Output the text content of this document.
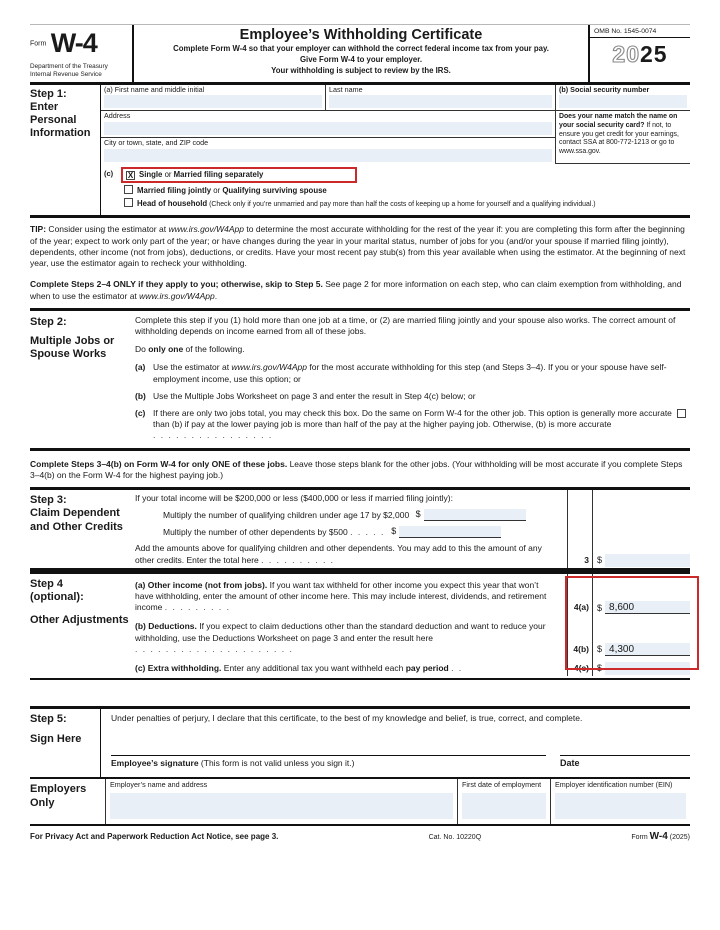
$^{Form}$ W-4
Department of the Treasury
Internal Revenue Service
Employee’s Withholding Certificate
Complete Form W-4 so that your employer can withhold the correct federal income tax from your pay.
Give Form W-4 to your employer.
Your withholding is subject to review by the IRS.
OMB No. 1545-0074
2025
Step 1:
Enter Personal Information
(a) First name and middle initial	Last name	(b) Social security number
Address
City or town, state, and ZIP code
Does your name match the name on your social security card? If not, to ensure you get credit for your earnings, contact SSA at 800-772-1213 or go to www.ssa.gov.
(c)	X Single or Married filing separately
Married filing jointly or Qualifying surviving spouse
Head of household (Check only if you’re unmarried and pay more than half the costs of keeping up a home for yourself and a qualifying individual.)
TIP: Consider using the estimator at www.irs.gov/W4App to determine the most accurate withholding for the rest of the year if: you are completing this form after the beginning of the year; expect to work only part of the year; or have changes during the year in your marital status, number of jobs for you (and/or your spouse if married filing jointly), dependents, other income (not from jobs), deductions, or credits. Have your most recent pay stub(s) from this year available when using the estimator. At the beginning of next year, use the estimator again to recheck your withholding.
Complete Steps 2–4 ONLY if they apply to you; otherwise, skip to Step 5. See page 2 for more information on each step, who can claim exemption from withholding, and when to use the estimator at www.irs.gov/W4App.
Step 2:
Multiple Jobs or Spouse Works

Complete this step if you (1) hold more than one job at a time, or (2) are married filing jointly and your spouse also works. The correct amount of withholding depends on income earned from all of these jobs.

Do only one of the following.

(a) Use the estimator at www.irs.gov/W4App for the most accurate withholding for this step (and Steps 3–4). If you or your spouse have self-employment income, use this option; or
(b) Use the Multiple Jobs Worksheet on page 3 and enter the result in Step 4(c) below; or
(c) If there are only two jobs total, you may check this box. Do the same on Form W-4 for the other job. This option is generally more accurate than (b) if pay at the lower paying job is more than half of the pay at the higher paying job. Otherwise, (b) is more accurate . . . . . . . . . . . . . . . .
Complete Steps 3–4(b) on Form W-4 for only ONE of these jobs. Leave those steps blank for the other jobs. (Your withholding will be most accurate if you complete Steps 3–4(b) on the Form W-4 for the highest paying job.)
Step 3:
Claim Dependent and Other Credits
If your total income will be $200,000 or less ($400,000 or less if married filing jointly):
Multiply the number of qualifying children under age 17 by $2,000 $
Multiply the number of other dependents by $500 . . . . . $
Add the amounts above for qualifying children and other dependents. You may add to this the amount of any other credits. Enter the total here . . . . . . . . . .	3 $
Step 4
(optional):
Other Adjustments
(a) Other income (not from jobs). If you want tax withheld for other income you expect this year that won’t have withholding, enter the amount of other income here. This may include interest, dividends, and retirement income . . . . . . . . .	4(a) $ 8,600
(b) Deductions. If you expect to claim deductions other than the standard deduction and want to reduce your withholding, use the Deductions Worksheet on page 3 and enter the result here . . . . . . . . . . . . . . . . . . . . .	4(b) $ 4,300
(c) Extra withholding. Enter any additional tax you want withheld each pay period . .	4(c) $
Step 5:
Sign Here
Under penalties of perjury, I declare that this certificate, to the best of my knowledge and belief, is true, correct, and complete.
Employee’s signature (This form is not valid unless you sign it.)	Date
Employers
Only
Employer’s name and address	First date of employment	Employer identification number (EIN)
For Privacy Act and Paperwork Reduction Act Notice, see page 3.	Cat. No. 10220Q	Form W-4 (2025)
